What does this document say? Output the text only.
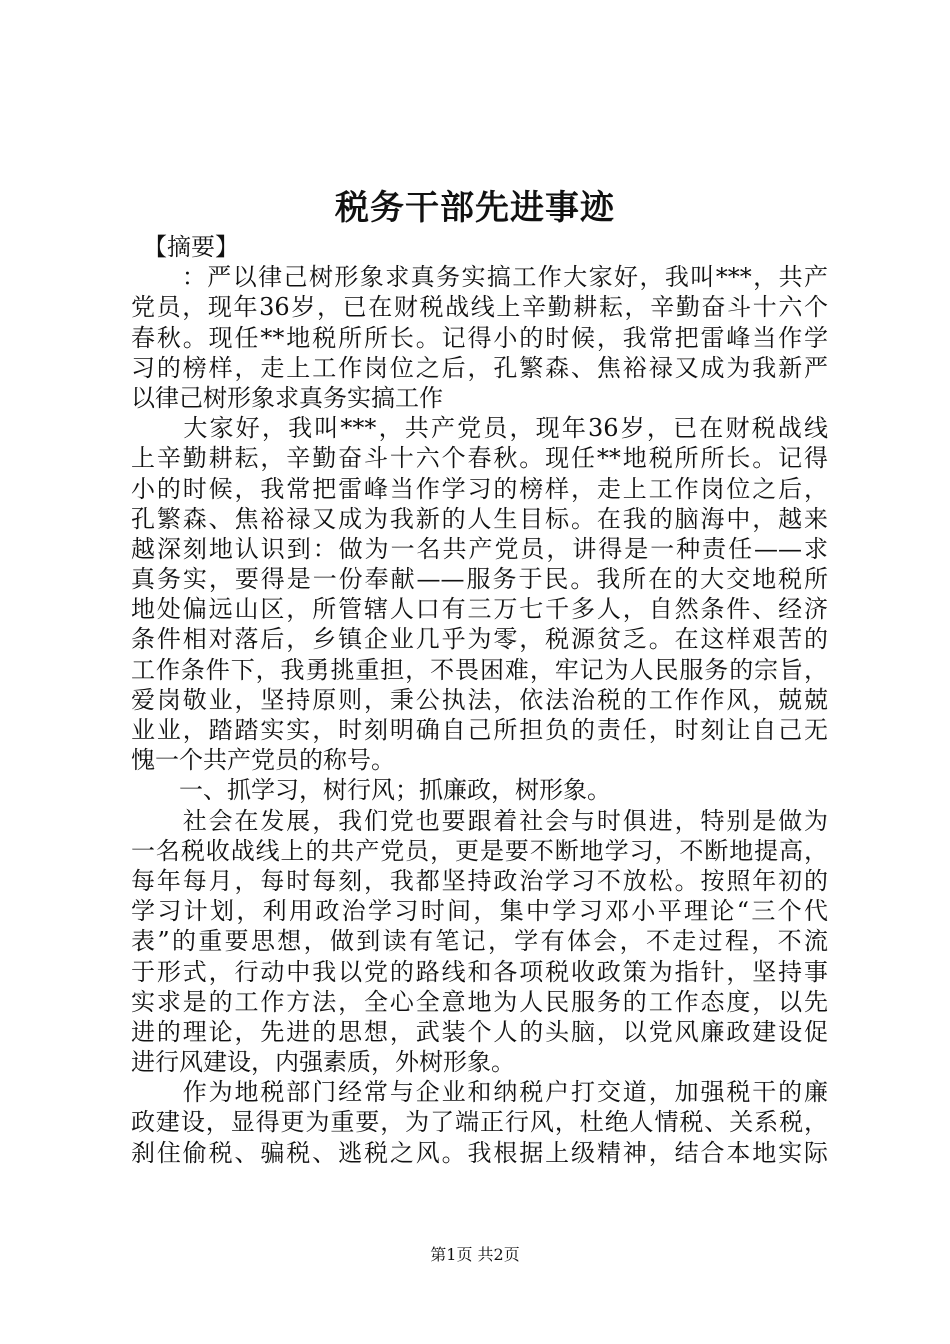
税务干部先进事迹
　【摘要】
　　：严以律己树形象求真务实搞工作大家好，我叫***，共产
党员，现年36岁，已在财税战线上辛勤耕耘，辛勤奋斗十六个
春秋。现任**地税所所长。记得小的时候，我常把雷峰当作学
习的榜样，走上工作岗位之后，孔繁森、焦裕禄又成为我新严
以律己树形象求真务实搞工作
　　大家好，我叫***，共产党员，现年36岁，已在财税战线
上辛勤耕耘，辛勤奋斗十六个春秋。现任**地税所所长。记得
小的时候，我常把雷峰当作学习的榜样，走上工作岗位之后，
孔繁森、焦裕禄又成为我新的人生目标。在我的脑海中，越来
越深刻地认识到：做为一名共产党员，讲得是一种责任——求
真务实，要得是一份奉献——服务于民。我所在的大交地税所
地处偏远山区，所管辖人口有三万七千多人，自然条件、经济
条件相对落后，乡镇企业几乎为零，税源贫乏。在这样艰苦的
工作条件下，我勇挑重担，不畏困难，牢记为人民服务的宗旨，
爱岗敬业，坚持原则，秉公执法，依法治税的工作作风，兢兢
业业，踏踏实实，时刻明确自己所担负的责任，时刻让自己无
愧一个共产党员的称号。
　　一、抓学习，树行风；抓廉政，树形象。
　　社会在发展，我们党也要跟着社会与时俱进，特别是做为
一名税收战线上的共产党员，更是要不断地学习，不断地提高，
每年每月，每时每刻，我都坚持政治学习不放松。按照年初的
学习计划，利用政治学习时间，集中学习邓小平理论“三个代
表”的重要思想，做到读有笔记，学有体会，不走过程，不流
于形式，行动中我以党的路线和各项税收政策为指针，坚持事
实求是的工作方法，全心全意地为人民服务的工作态度，以先
进的理论，先进的思想，武装个人的头脑，以党风廉政建设促
进行风建设，内强素质，外树形象。
　　作为地税部门经常与企业和纳税户打交道，加强税干的廉
政建设，显得更为重要，为了端正行风，杜绝人情税、关系税，
刹住偷税、骗税、逃税之风。我根据上级精神，结合本地实际
第1页 共2页
